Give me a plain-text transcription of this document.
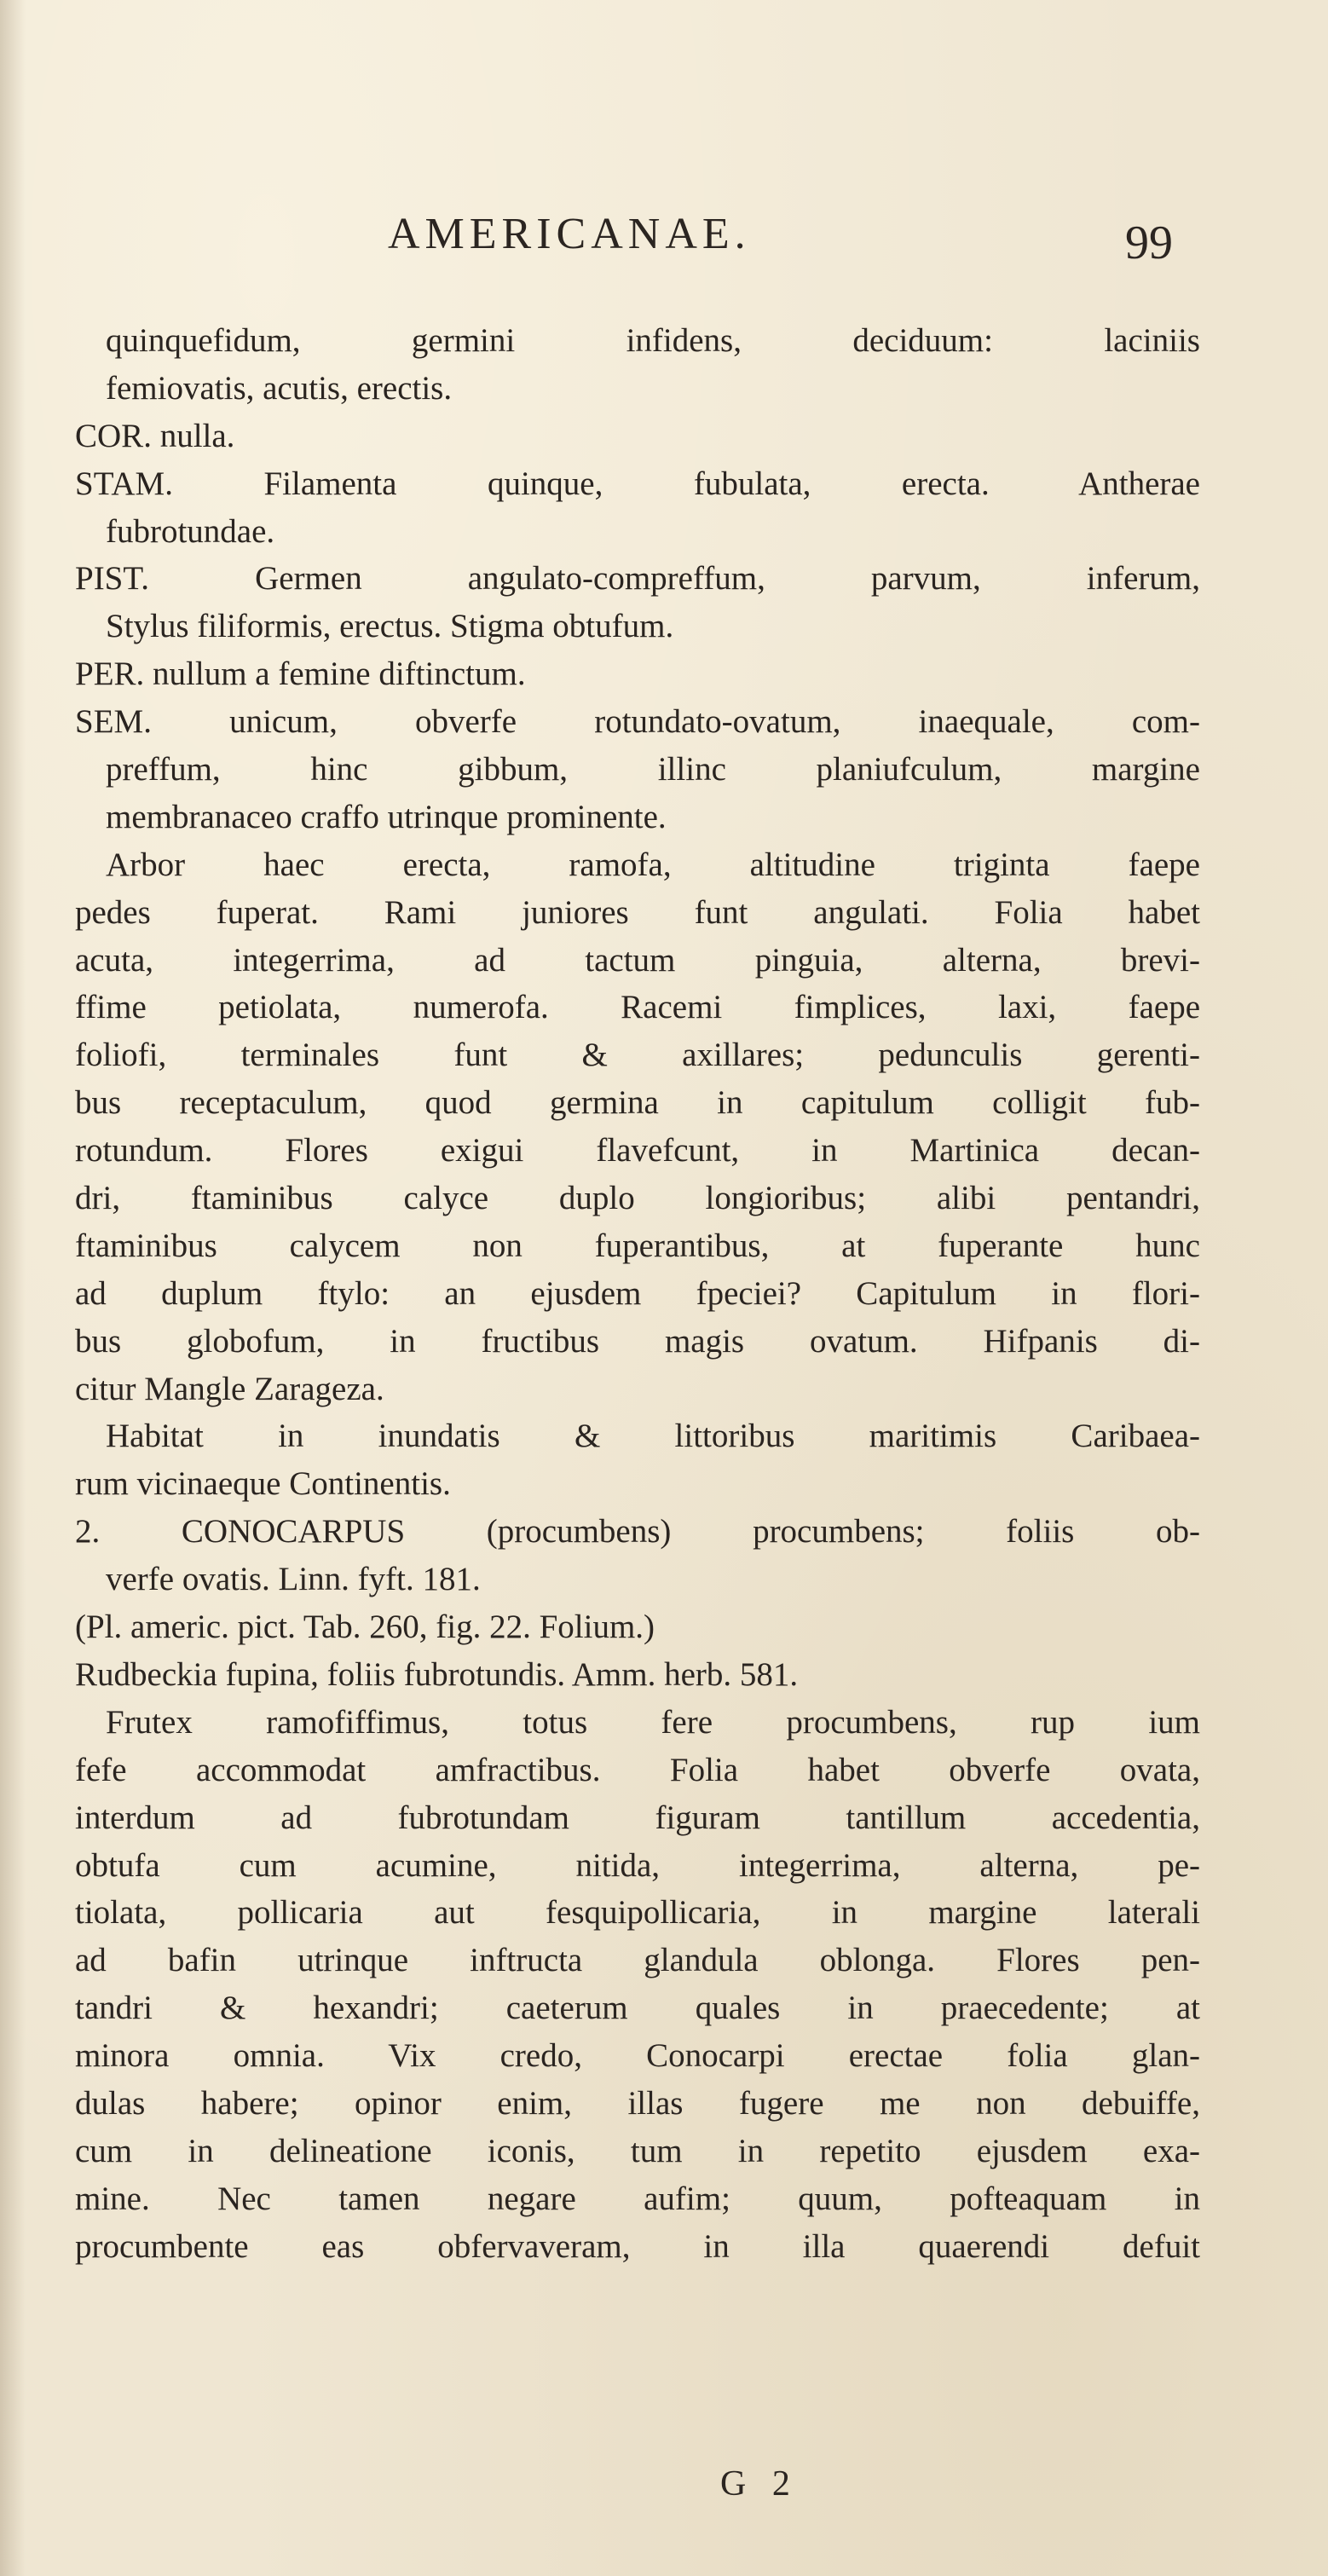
AMERICANAE.	99
quinquefidum, germini infidens, deciduum: laciniis
femiovatis, acutis, erectis.
COR. nulla.
STAM. Filamenta quinque, fubulata, erecta. Antherae
fubrotundae.
PIST. Germen angulato-compreffum, parvum, inferum,
Stylus filiformis, erectus. Stigma obtufum.
PER. nullum a femine diftinctum.
SEM. unicum, obverfe rotundato-ovatum, inaequale, com-
preffum, hinc gibbum, illinc planiufculum, margine
membranaceo craffo utrinque prominente.
Arbor haec erecta, ramofa, altitudine triginta faepe
pedes fuperat. Rami juniores funt angulati. Folia habet
acuta, integerrima, ad tactum pinguia, alterna, brevi-
ffime petiolata, numerofa. Racemi fimplices, laxi, faepe
foliofi, terminales funt & axillares; pedunculis gerenti-
bus receptaculum, quod germina in capitulum colligit fub-
rotundum. Flores exigui flavefcunt, in Martinica decan-
dri, ftaminibus calyce duplo longioribus; alibi pentandri,
ftaminibus calycem non fuperantibus, at fuperante hunc
ad duplum ftylo: an ejusdem fpeciei? Capitulum in flori-
bus globofum, in fructibus magis ovatum. Hifpanis di-
citur Mangle Zarageza.
Habitat in inundatis & littoribus maritimis Caribaea-
rum vicinaeque Continentis.
2. CONOCARPUS (procumbens) procumbens; foliis ob-
verfe ovatis. Linn. fyft. 181.
(Pl. americ. pict. Tab. 260, fig. 22. Folium.)
Rudbeckia fupina, foliis fubrotundis. Amm. herb. 581.
Frutex ramofiffimus, totus fere procumbens, rup ium
fefe accommodat amfractibus. Folia habet obverfe ovata,
interdum ad fubrotundam figuram tantillum accedentia,
obtufa cum acumine, nitida, integerrima, alterna, pe-
tiolata, pollicaria aut fesquipollicaria, in margine laterali
ad bafin utrinque inftructa glandula oblonga. Flores pen-
tandri & hexandri; caeterum quales in praecedente; at
minora omnia. Vix credo, Conocarpi erectae folia glan-
dulas habere; opinor enim, illas fugere me non debuiffe,
cum in delineatione iconis, tum in repetito ejusdem exa-
mine. Nec tamen negare aufim; quum, pofteaquam in
procumbente eas obfervaveram, in illa quaerendi defuit
G 2
